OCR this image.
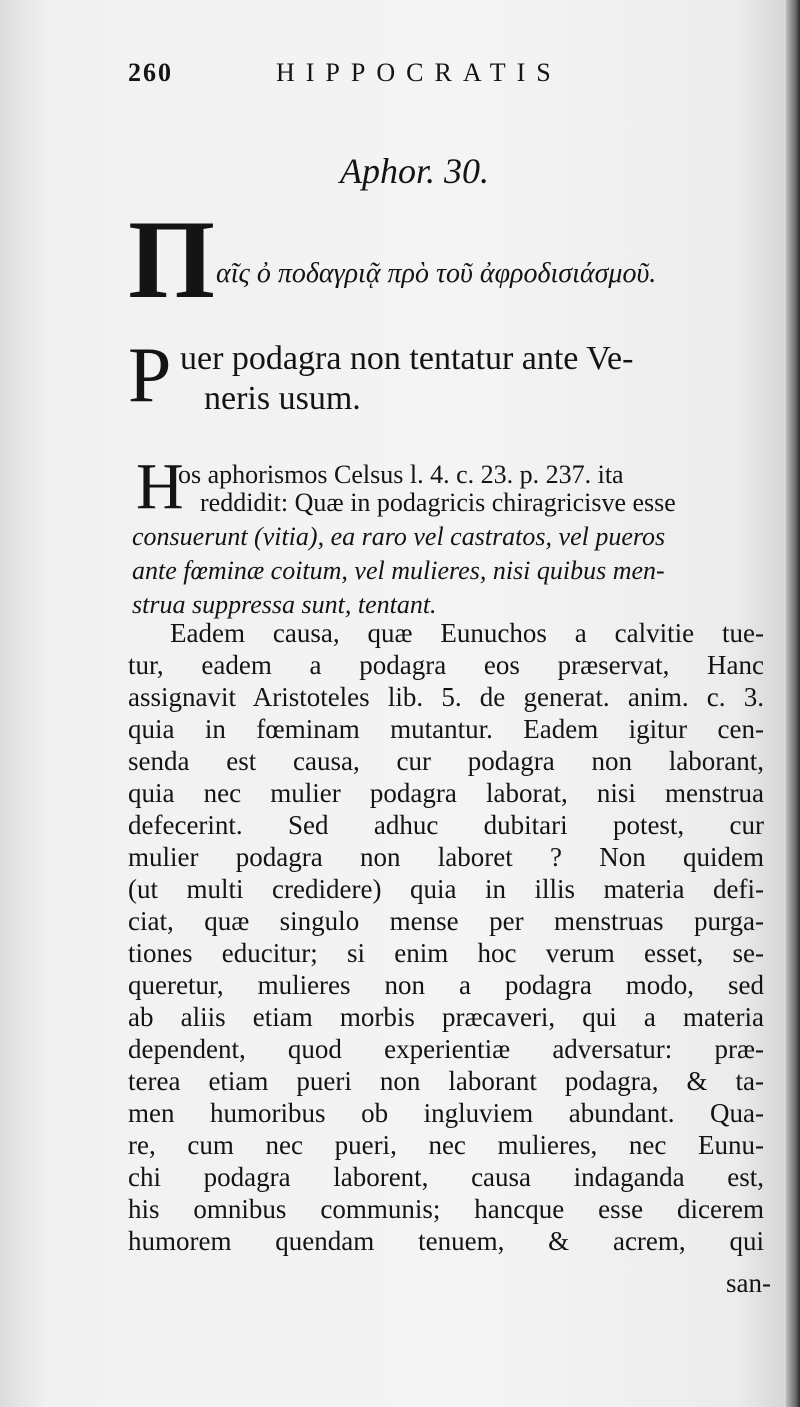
260	HIPPOCRATIS
Aphor. 30.
Π αῖς ὀ ποδαγριᾷ πρὸ τοῦ ἀφροδισιάσμοῦ.
P uer podagra non tentatur ante Ve-
neris usum.
H
os aphorismos Celsus l. 4. c. 23. p. 237. ita
reddidit: Quæ in podagricis chiragricisve esse
consuerunt (vitia), ea raro vel castratos, vel pueros
ante fœminæ coitum, vel mulieres, nisi quibus men-
strua suppressa sunt, tentant.
Eadem causa, quæ Eunuchos a calvitie tue-
tur, eadem a podagra eos præservat, Hanc
assignavit Aristoteles lib. 5. de generat. anim. c. 3.
quia in fœminam mutantur. Eadem igitur cen-
senda est causa, cur podagra non laborant,
quia nec mulier podagra laborat, nisi menstrua
defecerint. Sed adhuc dubitari potest, cur
mulier podagra non laboret ? Non quidem
(ut multi credidere) quia in illis materia defi-
ciat, quæ singulo mense per menstruas purga-
tiones educitur; si enim hoc verum esset, se-
queretur, mulieres non a podagra modo, sed
ab aliis etiam morbis præcaveri, qui a materia
dependent, quod experientiæ adversatur: præ-
terea etiam pueri non laborant podagra, & ta-
men humoribus ob ingluviem abundant. Qua-
re, cum nec pueri, nec mulieres, nec Eunu-
chi podagra laborent, causa indaganda est,
his omnibus communis; hancque esse dicerem
humorem quendam tenuem, & acrem, qui
san-
